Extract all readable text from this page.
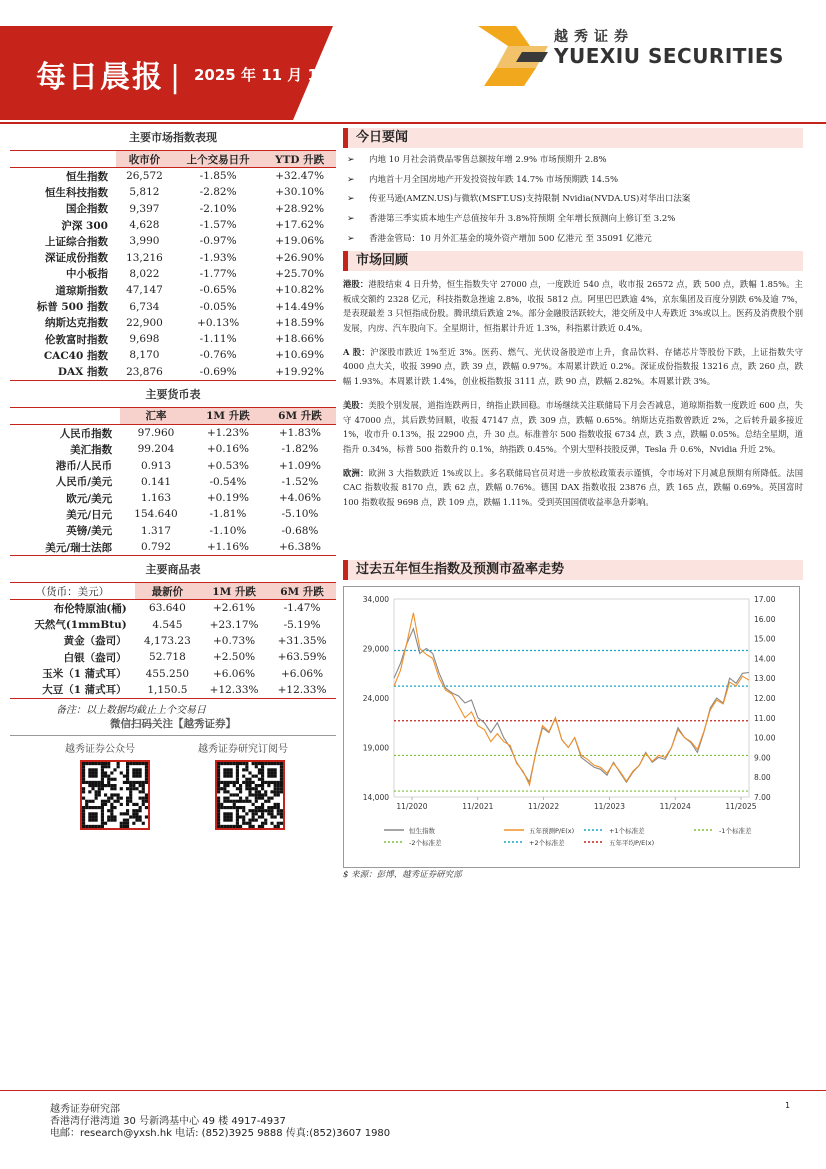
每日晨报 | 2025 年 11 月 17 日
越秀证券
YUEXIU SECURITIES
主要市场指数表现
	收市价	上个交易日升	YTD 升跌
恒生指数	26,572	-1.85%	+32.47%
恒生科技指数	5,812	-2.82%	+30.10%
国企指数	9,397	-2.10%	+28.92%
沪深 300	4,628	-1.57%	+17.62%
上证综合指数	3,990	-0.97%	+19.06%
深证成份指数	13,216	-1.93%	+26.90%
中小板指	8,022	-1.77%	+25.70%
道琼斯指数	47,147	-0.65%	+10.82%
标普 500 指数	6,734	-0.05%	+14.49%
纳斯达克指数	22,900	+0.13%	+18.59%
伦敦富时指数	9,698	-1.11%	+18.66%
CAC40 指数	8,170	-0.76%	+10.69%
DAX 指数	23,876	-0.69%	+19.92%
主要货币表
	汇率	1M 升跌	6M 升跌
人民币指数	97.960	+1.23%	+1.83%
美汇指数	99.204	+0.16%	-1.82%
港币/人民币	0.913	+0.53%	+1.09%
人民币/美元	0.141	-0.54%	-1.52%
欧元/美元	1.163	+0.19%	+4.06%
美元/日元	154.640	-1.81%	-5.10%
英镑/美元	1.317	-1.10%	-0.68%
美元/瑞士法郎	0.792	+1.16%	+6.38%
主要商品表
（货币：美元）	最新价	1M 升跌	6M 升跌
布伦特原油(桶)	63.640	+2.61%	-1.47%
天然气(1mmBtu)	4.545	+23.17%	-5.19%
黄金（盎司）	4,173.23	+0.73%	+31.35%
白银（盎司）	52.718	+2.50%	+63.59%
玉米（1 蒲式耳）	455.250	+6.06%	+6.06%
大豆（1 蒲式耳）	1,150.5	+12.33%	+12.33%
备注：以上数据均截止上个交易日
微信扫码关注【越秀证券】
越秀证券公众号	越秀证券研究订阅号
今日要闻
➢ 内地 10 月社会消费品零售总额按年增 2.9% 市场预期升 2.8%
➢ 内地首十月全国房地产开发投资按年跌 14.7% 市场预期跌 14.5%
➢ 传亚马逊(AMZN.US)与微软(MSFT.US)支持限制 Nvidia(NVDA.US)对华出口法案
➢ 香港第三季实质本地生产总值按年升 3.8%符预期 全年增长预测向上修订至 3.2%
➢ 香港金管局：10 月外汇基金的境外资产增加 500 亿港元 至 35091 亿港元
市场回顾

港股：港股结束 4 日升势，恒生指数失守 27000 点，一度跌近 540 点，收市报 26572 点，跌 500 点，跌幅 1.85%。主板成交额约 2328 亿元，科技指数急挫逾 2.8%，收报 5812 点。阿里巴巴跌逾 4%，京东集团及百度分别跌 6%及逾 7%，是表现最差 3 只恒指成份股。腾讯绩后跌逾 2%。部分金融股活跃较大，港交所及中人寿跌近 3%或以上。医药及消费股个别发展，内房、汽车股向下。全星期计，恒指累计升近 1.3%，科指累计跌近 0.4%。

A 股：沪深股市跌近 1%至近 3%。医药、燃气、光伏设备股逆市上升，食品饮料、存储芯片等股份下跌，上证指数失守 4000 点大关，收报 3990 点，跌 39 点，跌幅 0.97%。本周累计跌近 0.2%。深证成份指数报 13216 点，跌 260 点，跌幅 1.93%。本周累计跌 1.4%，创业板指数报 3111 点，跌 90 点，跌幅 2.82%。本周累计跌 3%。

美股：美股个别发展，道指连跌两日，纳指止跌回稳。市场继续关注联储局下月会否减息，道琼斯指数一度跌近 600 点，失守 47000 点，其后跌势回顺，收报 47147 点，跌 309 点，跌幅 0.65%。纳斯达克指数曾跌近 2%，之后转升最多接近 1%，收市升 0.13%，报 22900 点，升 30 点。标准普尔 500 指数收报 6734 点，跌 3 点，跌幅 0.05%。总结全星期，道指升 0.34%，标普 500 指数升约 0.1%，纳指跌 0.45%。个别大型科技股反弹，Tesla 升 0.6%，Nvidia 升近 2%。

欧洲：欧洲 3 大指数跌近 1%或以上。多名联储局官员对进一步放松政策表示谨慎，令市场对下月减息预期有所降低。法国 CAC 指数收报 8170 点，跌 62 点，跌幅 0.76%。德国 DAX 指数收报 23876 点，跌 165 点，跌幅 0.69%。英国富时 100 指数收报 9698 点，跌 109 点，跌幅 1.11%。受到英国国债收益率急升影响。

过去五年恒生指数及预测市盈率走势
34,000
29,000
24,000
19,000
14,000
17.00
16.00
15.00
14.00
13.00
12.00
11.00
10.00
9.00
8.00
7.00
11/2020	11/2021	11/2022	11/2023	11/2024	11/2025
恒生指数	五年预测P/E(x)	+1个标准差	-1个标准差
-2个标准差	+2个标准差	五年平均P/E(x)
$ 来源：彭博、越秀证券研究部
越秀证券研究部
香港湾仔港湾道 30 号新鸿基中心 49 楼 4917-4937
电邮：research@yxsh.hk 电话: (852)3925 9888 传真:(852)3607 1980
1
